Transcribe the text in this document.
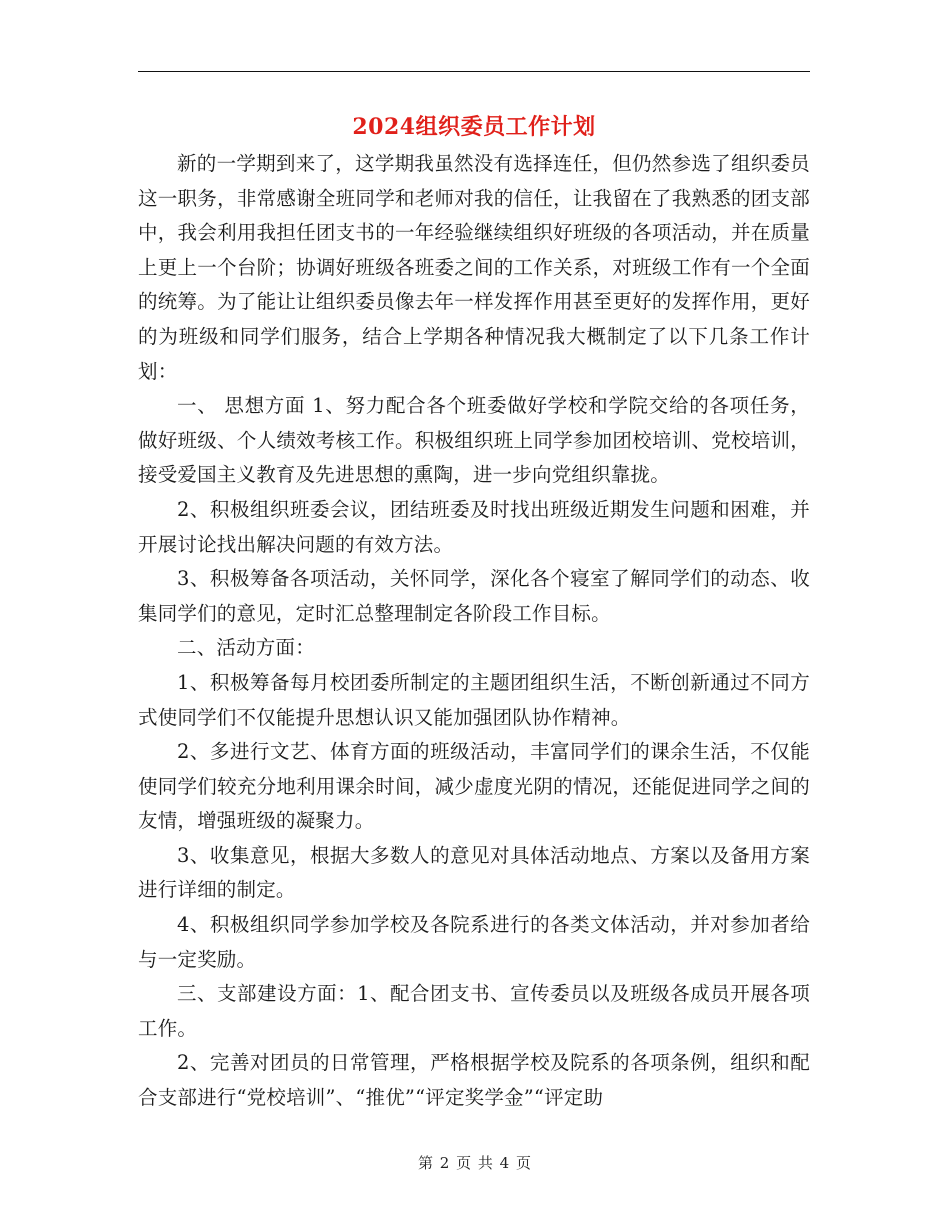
2024组织委员工作计划

新的一学期到来了，这学期我虽然没有选择连任，但仍然参选了组织委员这一职务，非常感谢全班同学和老师对我的信任，让我留在了我熟悉的团支部中，我会利用我担任团支书的一年经验继续组织好班级的各项活动，并在质量上更上一个台阶；协调好班级各班委之间的工作关系，对班级工作有一个全面的统筹。为了能让让组织委员像去年一样发挥作用甚至更好的发挥作用，更好的为班级和同学们服务，结合上学期各种情况我大概制定了以下几条工作计划：

一、 思想方面 1、努力配合各个班委做好学校和学院交给的各项任务，做好班级、个人绩效考核工作。积极组织班上同学参加团校培训、党校培训，接受爱国主义教育及先进思想的熏陶，进一步向党组织靠拢。

2、积极组织班委会议，团结班委及时找出班级近期发生问题和困难，并开展讨论找出解决问题的有效方法。

3、积极筹备各项活动，关怀同学，深化各个寝室了解同学们的动态、收集同学们的意见，定时汇总整理制定各阶段工作目标。

二、活动方面：

1、积极筹备每月校团委所制定的主题团组织生活，不断创新通过不同方式使同学们不仅能提升思想认识又能加强团队协作精神。

2、多进行文艺、体育方面的班级活动，丰富同学们的课余生活，不仅能使同学们较充分地利用课余时间，减少虚度光阴的情况，还能促进同学之间的友情，增强班级的凝聚力。

3、收集意见，根据大多数人的意见对具体活动地点、方案以及备用方案进行详细的制定。

4、积极组织同学参加学校及各院系进行的各类文体活动，并对参加者给与一定奖励。

三、支部建设方面：1、配合团支书、宣传委员以及班级各成员开展各项工作。

2、完善对团员的日常管理，严格根据学校及院系的各项条例，组织和配合支部进行“党校培训”、“推优”“评定奖学金”“评定助

第 2 页 共 4 页
